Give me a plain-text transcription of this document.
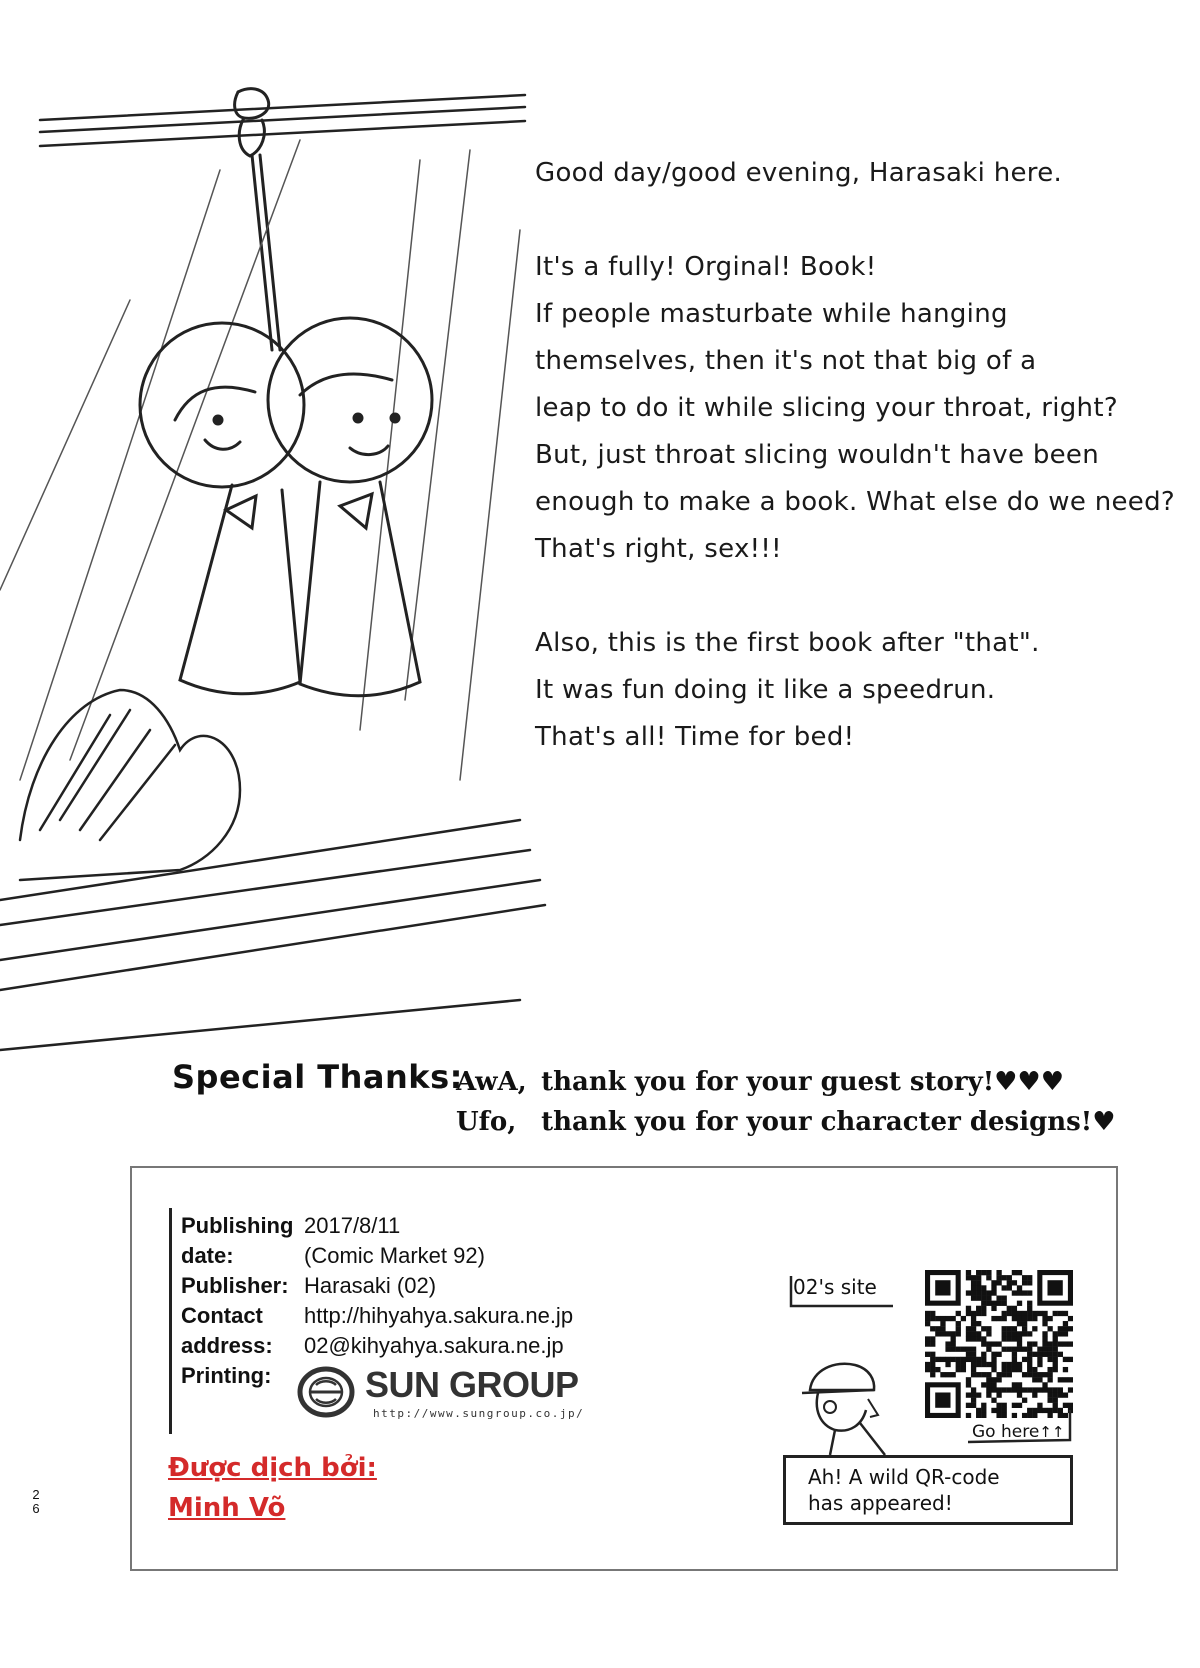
Good day/good evening, Harasaki here.
It's a fully! Orginal! Book!
If people masturbate while hanging
themselves, then it's not that big of a
leap to do it while slicing your throat, right?
But, just throat slicing wouldn't have been
enough to make a book. What else do we need?
That's right, sex!!!
Also, this is the first book after "that".
It was fun doing it like a speedrun.
That's all! Time for bed!
Special Thanks:
AwA, thank you for your guest story!♥♥♥
Ufo, thank you for your character designs!♥
Publishing 2017/8/11
date:	(Comic Market 92)
Publisher: Harasaki (02)
Contact http://hihyahya.sakura.ne.jp
address: 02@kihyahya.sakura.ne.jp
Printing:	SUN GROUP
http://www.sungroup.co.jp/
Được dịch bởi:
Minh Võ
2
6
02's site
Go here↑↑
Ah! A wild QR-code
has appeared!
